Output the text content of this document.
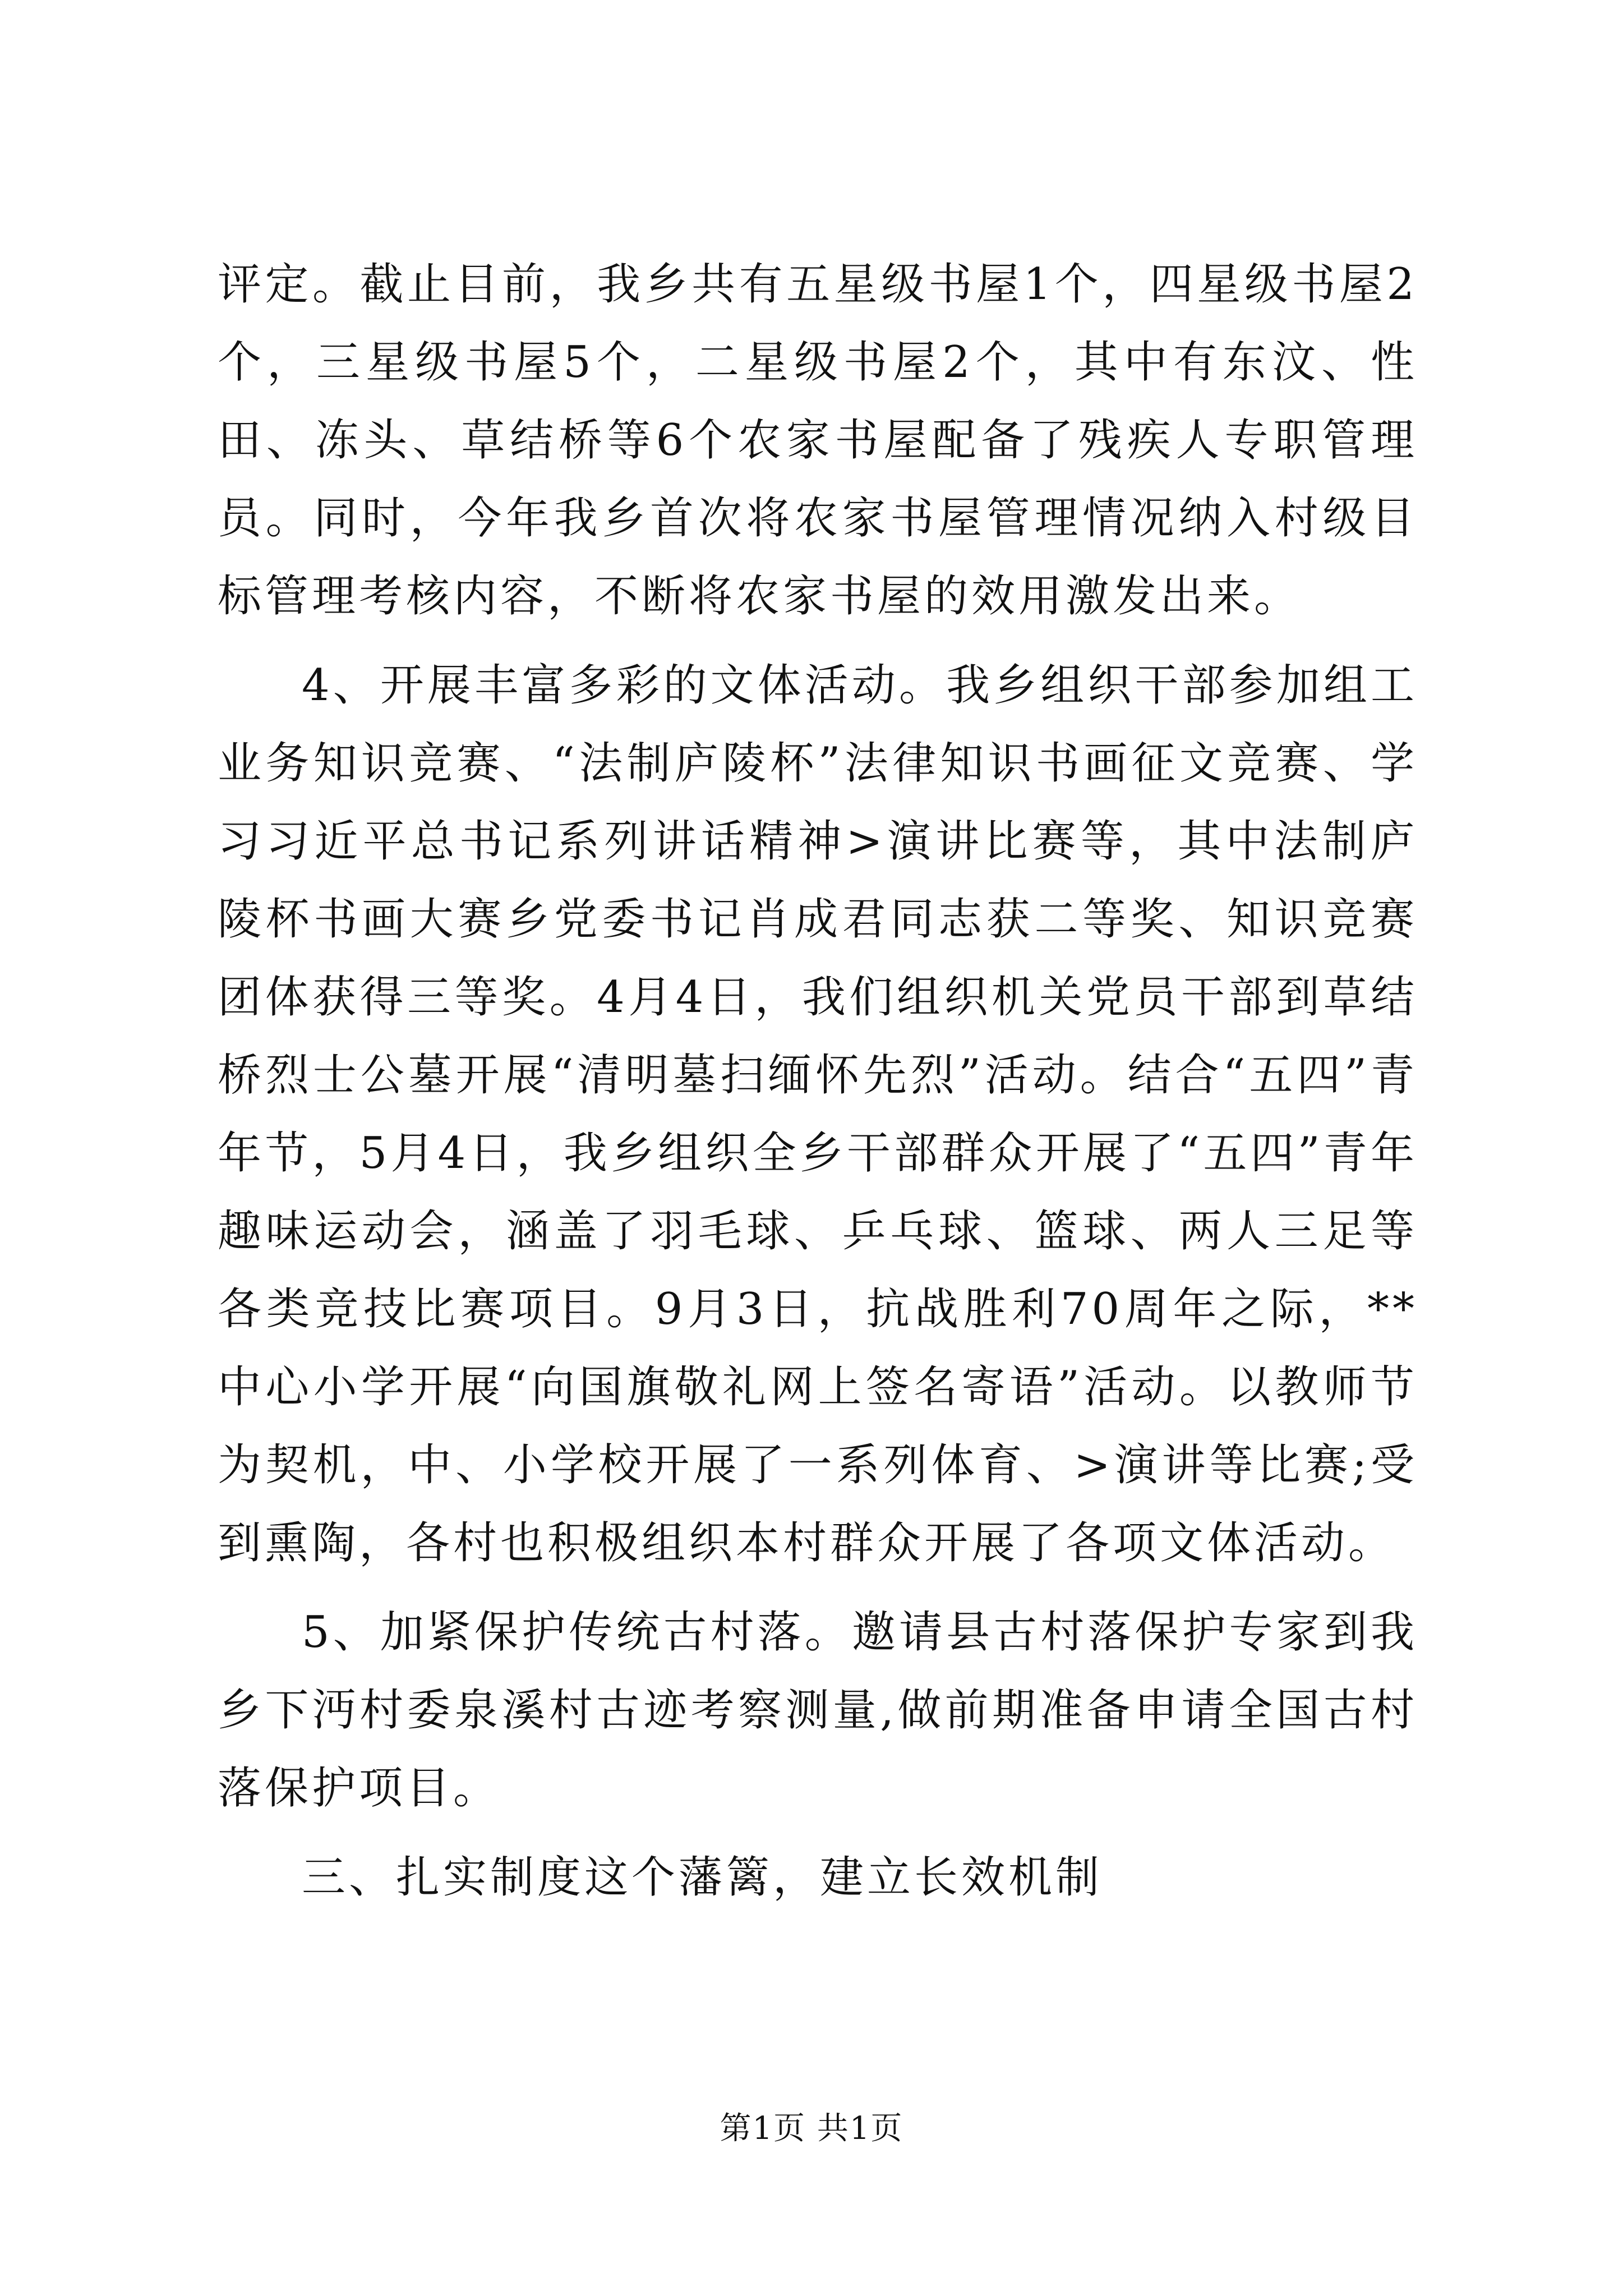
评定。截止目前，我乡共有五星级书屋1个，四星级书屋2个，三星级书屋5个，二星级书屋2个，其中有东汶、性田、冻头、草结桥等6个农家书屋配备了残疾人专职管理员。同时，今年我乡首次将农家书屋管理情况纳入村级目标管理考核内容，不断将农家书屋的效用激发出来。

4、开展丰富多彩的文体活动。我乡组织干部参加组工业务知识竞赛、“法制庐陵杯”法律知识书画征文竞赛、学习习近平总书记系列讲话精神>演讲比赛等，其中法制庐陵杯书画大赛乡党委书记肖成君同志获二等奖、知识竞赛团体获得三等奖。4月4日，我们组织机关党员干部到草结桥烈士公墓开展“清明墓扫缅怀先烈”活动。结合“五四”青年节，5月4日，我乡组织全乡干部群众开展了“五四”青年趣味运动会，涵盖了羽毛球、乒乓球、篮球、两人三足等各类竞技比赛项目。9月3日，抗战胜利70周年之际，**中心小学开展“向国旗敬礼网上签名寄语”活动。以教师节为契机，中、小学校开展了一系列体育、>演讲等比赛;受到熏陶，各村也积极组织本村群众开展了各项文体活动。

5、加紧保护传统古村落。邀请县古村落保护专家到我乡下沔村委泉溪村古迹考察测量,做前期准备申请全国古村落保护项目。

三、扎实制度这个藩篱，建立长效机制

第1页 共1页
